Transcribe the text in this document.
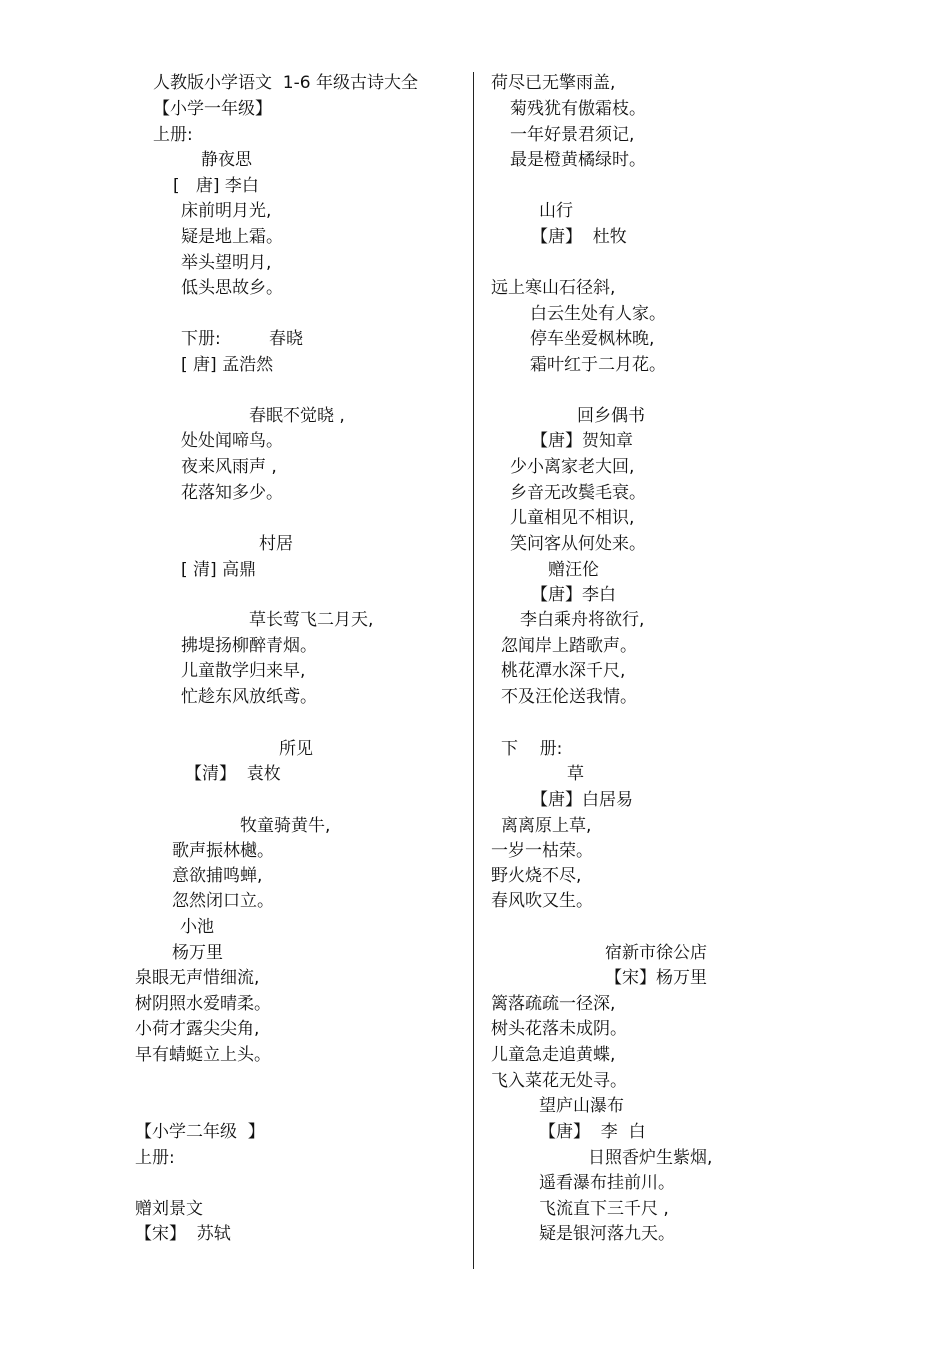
人教版小学语文  1-6 年级古诗大全
【小学一年级】
上册:
静夜思
[   唐] 李白
床前明月光,
疑是地上霜。
举头望明月,
低头思故乡。
下册:	春晓
[ 唐] 孟浩然
春眠不觉晓 ,
处处闻啼鸟。
夜来风雨声 ,
花落知多少。
村居
[ 清] 高鼎
草长莺飞二月天,
拂堤扬柳醉青烟。
儿童散学归来早,
忙趁东风放纸鸢。
所见
【清】  袁枚
牧童骑黄牛,
歌声振林樾。
意欲捕鸣蝉,
忽然闭口立。
小池
杨万里
泉眼无声惜细流,
树阴照水爱晴柔。
小荷才露尖尖角,
早有蜻蜓立上头。
【小学二年级  】
上册:
赠刘景文
【宋】  苏轼
荷尽已无擎雨盖,
菊残犹有傲霜枝。
一年好景君须记,
最是橙黄橘绿时。
山行
【唐】  杜牧
远上寒山石径斜,
白云生处有人家。
停车坐爱枫林晚,
霜叶红于二月花。
回乡偶书
【唐】贺知章
少小离家老大回,
乡音无改鬓毛衰。
儿童相见不相识,
笑问客从何处来。
赠汪伦
【唐】李白
李白乘舟将欲行,
忽闻岸上踏歌声。
桃花潭水深千尺,
不及汪伦送我情。
下    册:
草
【唐】白居易
离离原上草,
一岁一枯荣。
野火烧不尽,
春风吹又生。
宿新市徐公店
【宋】杨万里
篱落疏疏一径深,
树头花落未成阴。
儿童急走追黄蝶,
飞入菜花无处寻。
望庐山瀑布
【唐】  李  白
日照香炉生紫烟,
遥看瀑布挂前川。
飞流直下三千尺 ,
疑是银河落九天。
